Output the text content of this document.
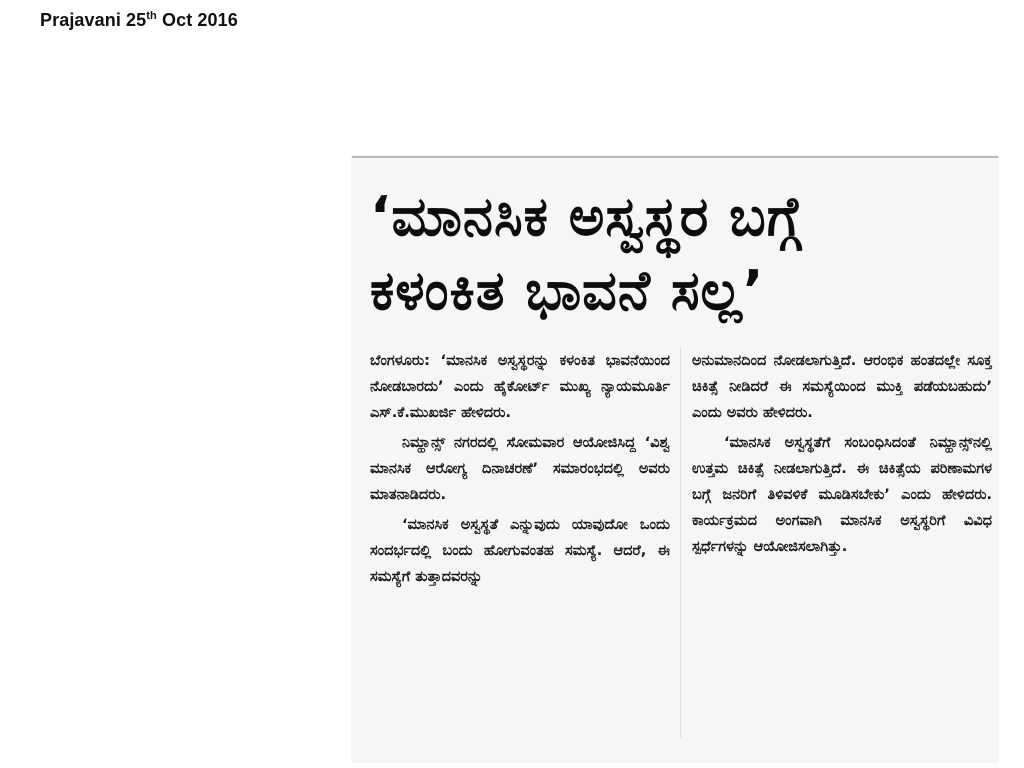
Prajavani 25th Oct 2016
‘ಮಾನಸಿಕ ಅಸ್ವಸ್ಥರ ಬಗ್ಗೆ
ಕಳಂಕಿತ ಭಾವನೆ ಸಲ್ಲ’

ಬೆಂಗಳೂರು: ‘ಮಾನಸಿಕ ಅಸ್ವಸ್ಥರನ್ನು ಕಳಂಕಿತ ಭಾವನೆಯಿಂದ ನೋಡಬಾರದು’ ಎಂದು ಹೈಕೋರ್ಟ್ ಮುಖ್ಯ ನ್ಯಾಯಮೂರ್ತಿ ಎಸ್.ಕೆ.ಮುಖರ್ಜಿ ಹೇಳಿದರು.

ನಿಮ್ಹಾನ್ಸ್ ನಗರದಲ್ಲಿ ಸೋಮವಾರ ಆಯೋಜಿಸಿದ್ದ ‘ವಿಶ್ವ ಮಾನಸಿಕ ಆರೋಗ್ಯ ದಿನಾಚರಣೆ’ ಸಮಾರಂಭದಲ್ಲಿ ಅವರು ಮಾತನಾಡಿದರು.

‘ಮಾನಸಿಕ ಅಸ್ವಸ್ಥತೆ ಎನ್ನುವುದು ಯಾವುದೋ ಒಂದು ಸಂದರ್ಭದಲ್ಲಿ ಬಂದು ಹೋಗುವಂತಹ ಸಮಸ್ಯೆ. ಆದರೆ, ಈ ಸಮಸ್ಯೆಗೆ ತುತ್ತಾದವರನ್ನು

ಅನುಮಾನದಿಂದ ನೋಡಲಾಗುತ್ತಿದೆ. ಆರಂಭಿಕ ಹಂತದಲ್ಲೇ ಸೂಕ್ತ ಚಿಕಿತ್ಸೆ ನೀಡಿದರೆ ಈ ಸಮಸ್ಯೆಯಿಂದ ಮುಕ್ತಿ ಪಡೆಯಬಹುದು’ ಎಂದು ಅವರು ಹೇಳಿದರು.

‘ಮಾನಸಿಕ ಅಸ್ವಸ್ಥತೆಗೆ ಸಂಬಂಧಿಸಿದಂತೆ ನಿಮ್ಹಾನ್ಸ್‌ನಲ್ಲಿ ಉತ್ತಮ ಚಿಕಿತ್ಸೆ ನೀಡಲಾಗುತ್ತಿದೆ. ಈ ಚಿಕಿತ್ಸೆಯ ಪರಿಣಾಮಗಳ ಬಗ್ಗೆ ಜನರಿಗೆ ತಿಳಿವಳಿಕೆ ಮೂಡಿಸಬೇಕು’ ಎಂದು ಹೇಳಿದರು. ಕಾರ್ಯಕ್ರಮದ ಅಂಗವಾಗಿ ಮಾನಸಿಕ ಅಸ್ವಸ್ಥರಿಗೆ ವಿವಿಧ ಸ್ಪರ್ಧೆಗಳನ್ನು ಆಯೋಜಿಸಲಾಗಿತ್ತು.
